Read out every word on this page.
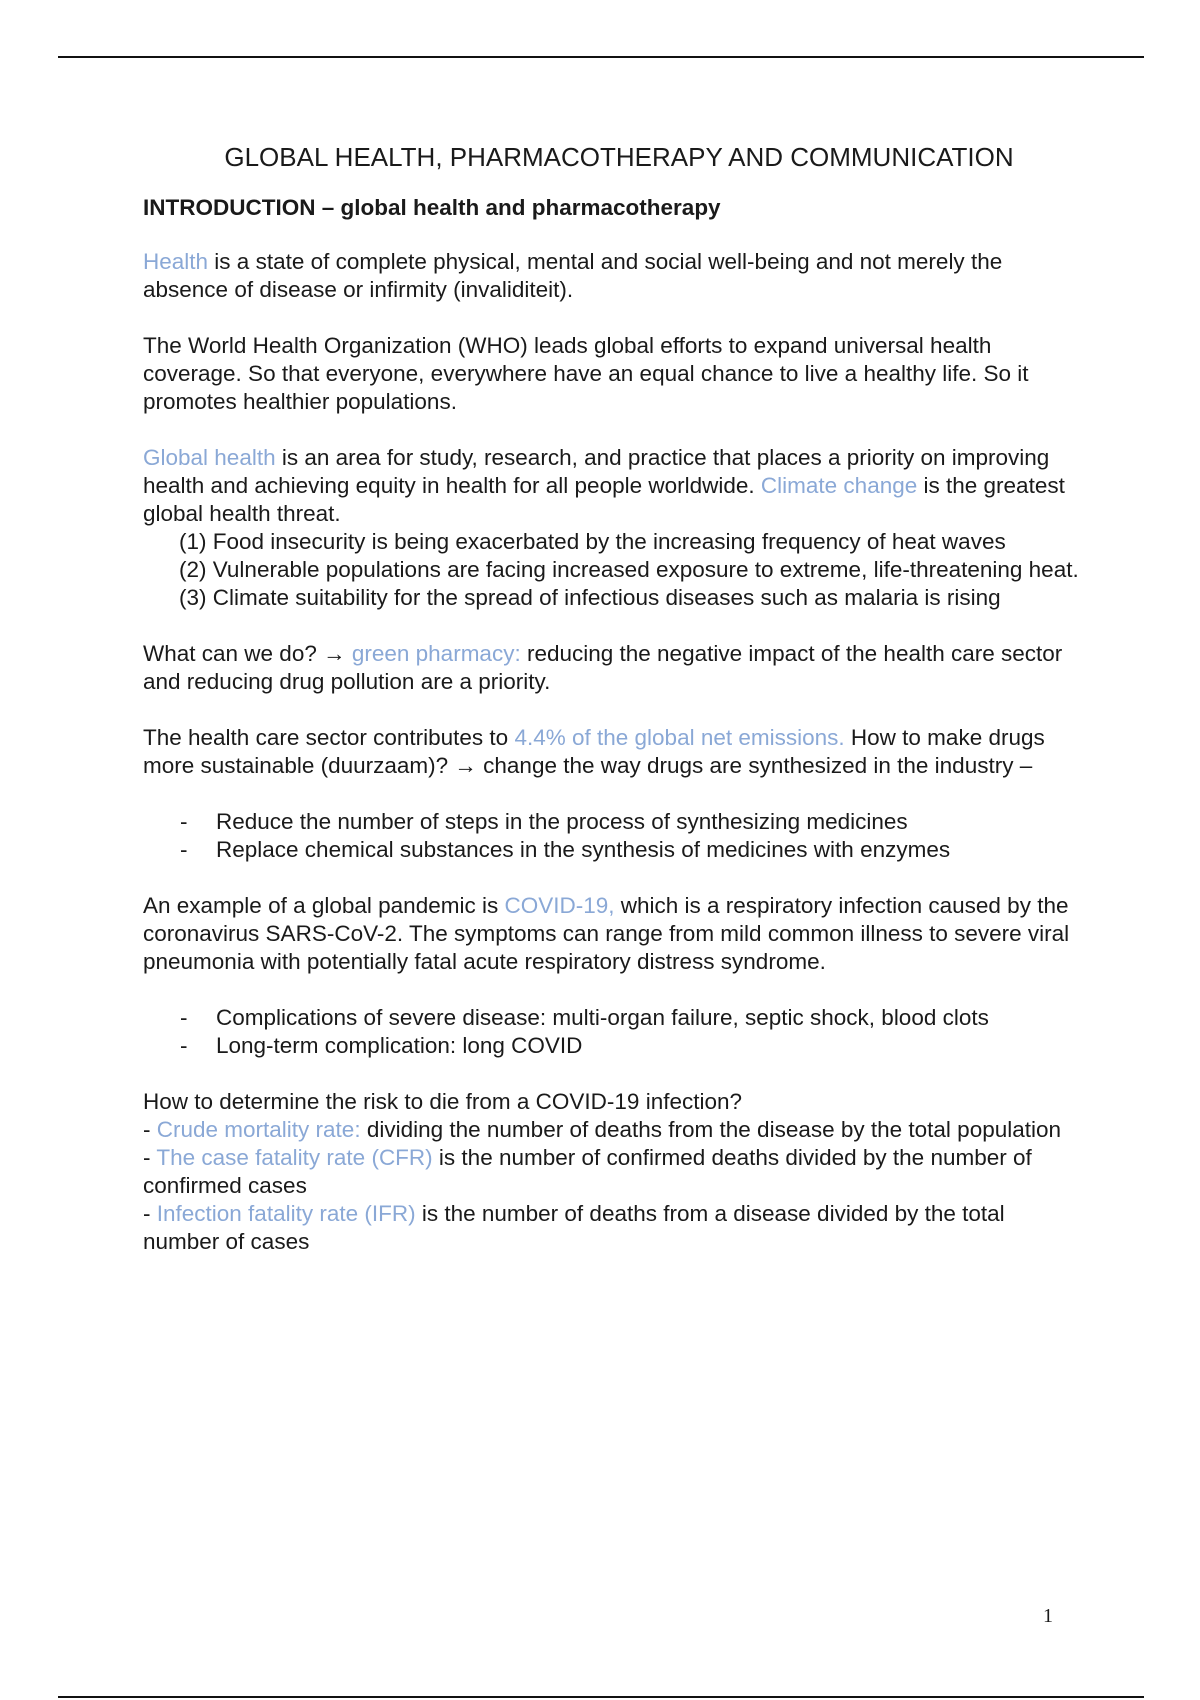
GLOBAL HEALTH, PHARMACOTHERAPY AND COMMUNICATION
INTRODUCTION – global health and pharmacotherapy

Health is a state of complete physical, mental and social well-being and not merely the absence of disease or infirmity (invaliditeit).

The World Health Organization (WHO) leads global efforts to expand universal health coverage. So that everyone, everywhere have an equal chance to live a healthy life. So it promotes healthier populations.

Global health is an area for study, research, and practice that places a priority on improving health and achieving equity in health for all people worldwide. Climate change is the greatest global health threat.

(1) Food insecurity is being exacerbated by the increasing frequency of heat waves
(2) Vulnerable populations are facing increased exposure to extreme, life-threatening heat.
(3) Climate suitability for the spread of infectious diseases such as malaria is rising

What can we do? → green pharmacy: reducing the negative impact of the health care sector and reducing drug pollution are a priority.

The health care sector contributes to 4.4% of the global net emissions. How to make drugs more sustainable (duurzaam)? → change the way drugs are synthesized in the industry –

- Reduce the number of steps in the process of synthesizing medicines
- Replace chemical substances in the synthesis of medicines with enzymes

An example of a global pandemic is COVID-19, which is a respiratory infection caused by the coronavirus SARS-CoV-2. The symptoms can range from mild common illness to severe viral pneumonia with potentially fatal acute respiratory distress syndrome.

- Complications of severe disease: multi-organ failure, septic shock, blood clots
- Long-term complication: long COVID
How to determine the risk to die from a COVID-19 infection?
- Crude mortality rate: dividing the number of deaths from the disease by the total population
- The case fatality rate (CFR) is the number of confirmed deaths divided by the number of confirmed cases
- Infection fatality rate (IFR) is the number of deaths from a disease divided by the total number of cases
1
